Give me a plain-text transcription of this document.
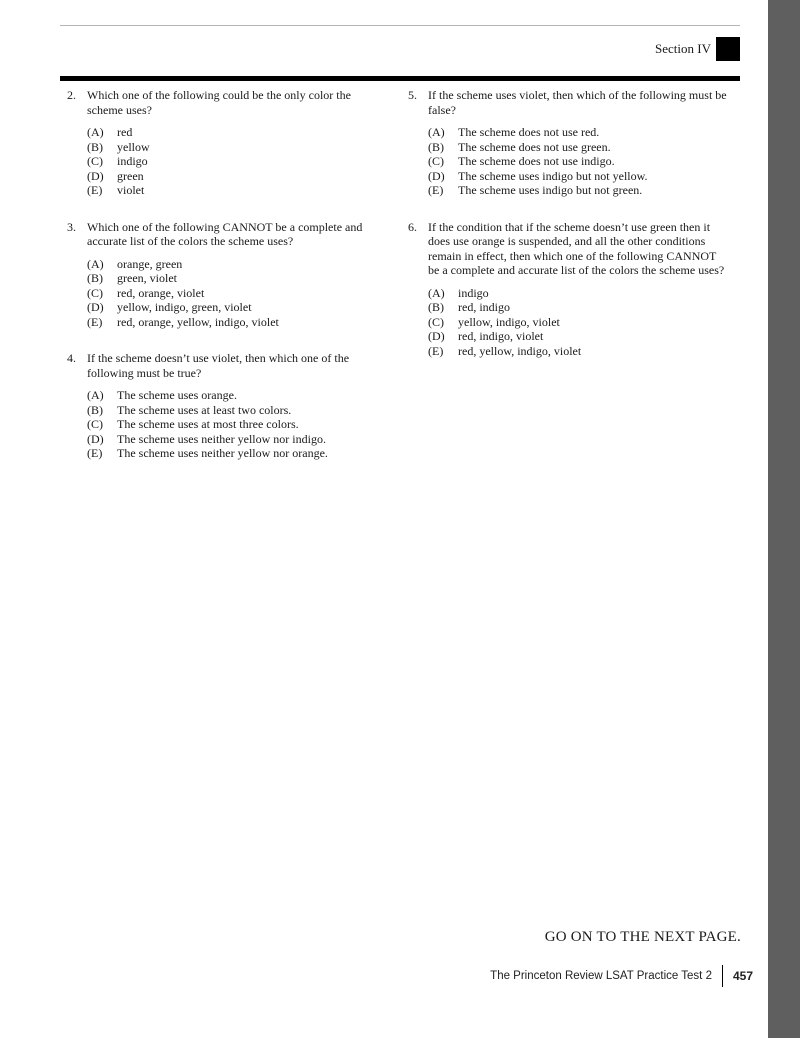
Section IV
2. Which one of the following could be the only color the scheme uses?
(A)	red
(B)	yellow
(C)	indigo
(D)	green
(E)	violet
3. Which one of the following CANNOT be a complete and accurate list of the colors the scheme uses?
(A)	orange, green
(B)	green, violet
(C)	red, orange, violet
(D)	yellow, indigo, green, violet
(E)	red, orange, yellow, indigo, violet
4. If the scheme doesn’t use violet, then which one of the following must be true?
(A)	The scheme uses orange.
(B)	The scheme uses at least two colors.
(C)	The scheme uses at most three colors.
(D)	The scheme uses neither yellow nor indigo.
(E)	The scheme uses neither yellow nor orange.
5. If the scheme uses violet, then which of the following must be false?
(A)	The scheme does not use red.
(B)	The scheme does not use green.
(C)	The scheme does not use indigo.
(D)	The scheme uses indigo but not yellow.
(E)	The scheme uses indigo but not green.
6. If the condition that if the scheme doesn’t use green then it does use orange is suspended, and all the other conditions remain in effect, then which one of the following CANNOT be a complete and accurate list of the colors the scheme uses?
(A)	indigo
(B)	red, indigo
(C)	yellow, indigo, violet
(D)	red, indigo, violet
(E)	red, yellow, indigo, violet
GO ON TO THE NEXT PAGE.
The Princeton Review LSAT Practice Test 2 457
